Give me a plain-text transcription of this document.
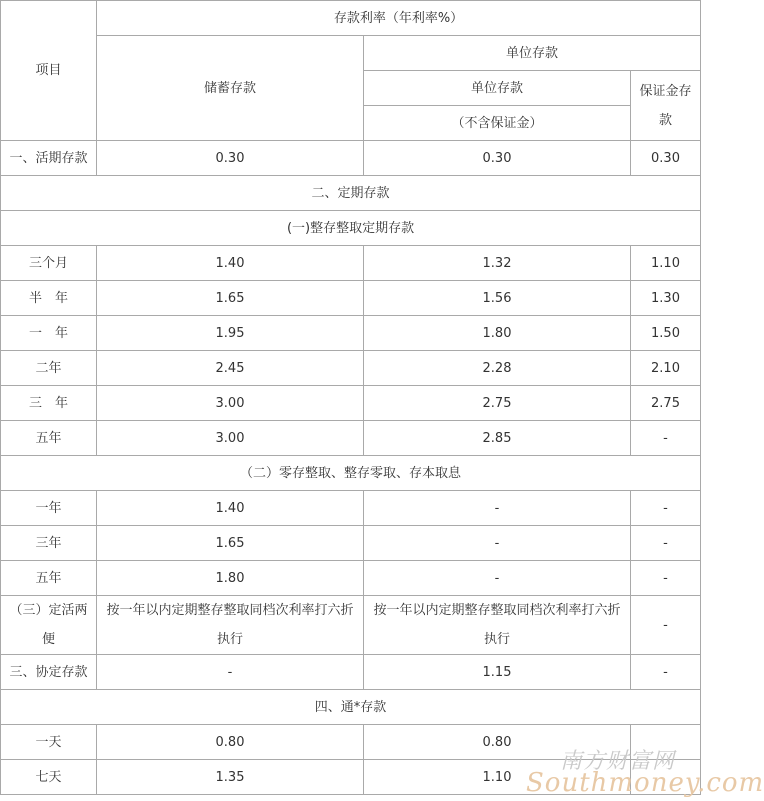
项目	存款利率（年利率%）		
	储蓄存款	单位存款	
		单位存款	保证金存款
		（不含保证金）	
一、活期存款	0.30	0.30	0.30
二、定期存款			
(一)整存整取定期存款			
三个月	1.40	1.32	1.10
半　年	1.65	1.56	1.30
一　年	1.95	1.80	1.50
二年	2.45	2.28	2.10
三　年	3.00	2.75	2.75
五年	3.00	2.85	-
（二）零存整取、整存零取、存本取息			
一年	1.40	-	-
三年	1.65	-	-
五年	1.80	-	-
（三）定活两便	按一年以内定期整存整取同档次利率打六折执行	按一年以内定期整存整取同档次利率打六折执行	-
三、协定存款	-	1.15	-
四、通*存款			
一天	0.80	0.80	
七天	1.35	1.10	
南方财富网
Southmoney.com
